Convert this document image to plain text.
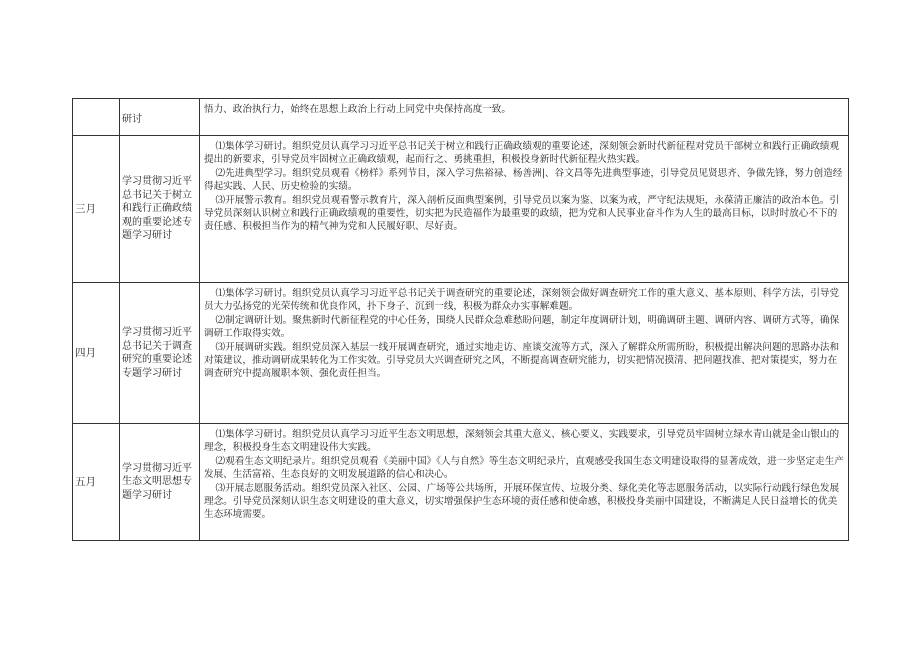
	研讨	悟力、政治执行力，始终在思想上政治上行动上同党中央保持高度一致。

三月	学习贯彻习近平总书记关于树立和践行正确政绩观的重要论述专题学习研讨	⑴集体学习研讨。组织党员认真学习习近平总书记关于树立和践行正确政绩观的重要论述，深刻领会新时代新征程对党员干部树立和践行正确政绩观提出的新要求，引导党员牢固树立正确政绩观，起而行之、勇挑重担，积极投身新时代新征程火热实践。

⑵先进典型学习。组织党员观看《榜样》系列节目，深入学习焦裕禄、杨善洲|、谷文昌等先进典型事迹，引导党员见贤思齐、争做先锋，努力创造经得起实践、人民、历史检验的实绩。

⑶开展警示教育。组织党员观看警示教育片，深入剖析反面典型案例，引导党员以案为鉴、以案为戒，严守纪法规矩，永葆清正廉洁的政治本色。引导党员深刻认识树立和践行正确政绩观的重要性，切实把为民造福作为最重要的政绩，把为党和人民事业奋斗作为人生的最高目标，以时时放心不下的责任感、积极担当作为的精气神为党和人民履好职、尽好责。

四月	学习贯彻习近平总书记关于调查研究的重要论述专题学习研讨	⑴集体学习研讨。组织党员认真学习习近平总书记关于调查研究的重要论述，深刻领会做好调查研究工作的重大意义、基本原则、科学方法，引导党员大力弘扬党的光荣传统和优良作风，扑下身子、沉到一线，积极为群众办实事解难题。

⑵制定调研计划。聚焦新时代新征程党的中心任务，围绕人民群众急难愁盼问题，制定年度调研计划，明确调研主题、调研内容、调研方式等，确保调研工作取得实效。

⑶开展调研实践。组织党员深入基层一线开展调查研究，通过实地走访、座谈交流等方式，深入了解群众所需所盼，积极提出解决问题的思路办法和对策建议，推动调研成果转化为工作实效。引导党员大兴调查研究之风，不断提高调查研究能力，切实把情况摸清、把问题找准、把对策提实，努力在调查研究中提高履职本领、强化责任担当。

五月	学习贯彻习近平生态文明思想专题学习研讨	⑴集体学习研讨。组织党员认真学习习近平生态文明思想，深刻领会其重大意义、核心要义、实践要求，引导党员牢固树立绿水青山就是金山银山的理念，积极投身生态文明建设伟大实践。

⑵观看生态文明纪录片。组织党员观看《美丽中国》《人与自然》等生态文明纪录片，直观感受我国生态文明建设取得的显著成效，进一步坚定走生产发展、生活富裕、生态良好的文明发展道路的信心和决心。

⑶开展志愿服务活动。组织党员深入社区、公园、广场等公共场所，开展环保宣传、垃圾分类、绿化美化等志愿服务活动，以实际行动践行绿色发展理念。引导党员深刻认识生态文明建设的重大意义，切实增强保护生态环境的责任感和使命感，积极投身美丽中国建设，不断满足人民日益增长的优美生态环境需要。
